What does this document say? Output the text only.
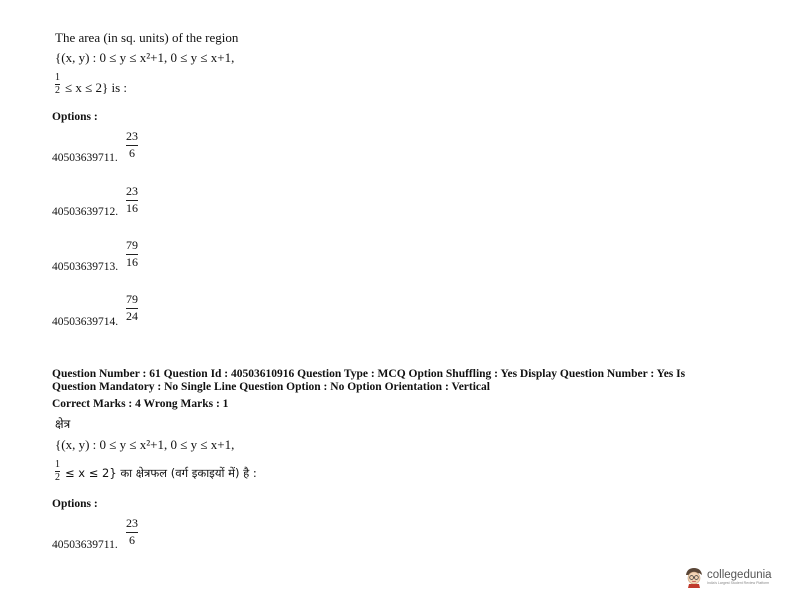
The area (in sq. units) of the region
{(x, y) : 0 ≤ y ≤ x²+1, 0 ≤ y ≤ x+1,
1
2 ≤ x ≤ 2} is :
Options :
23
6
40503639711.
23
16
40503639712.
79
16
40503639713.
79
24
40503639714.
Question Number : 61 Question Id : 40503610916 Question Type : MCQ Option Shuffling : Yes Display Question Number : Yes Is
Question Mandatory : No Single Line Question Option : No Option Orientation : Vertical
Correct Marks : 4 Wrong Marks : 1
क्षेत्र
{(x, y) : 0 ≤ y ≤ x²+1, 0 ≤ y ≤ x+1,
1
2 ≤ x ≤ 2} का क्षेत्रफल (वर्ग इकाइयों में) है :
Options :
23
6
40503639711.
collegedunia
India's Largest Student Review Platform
